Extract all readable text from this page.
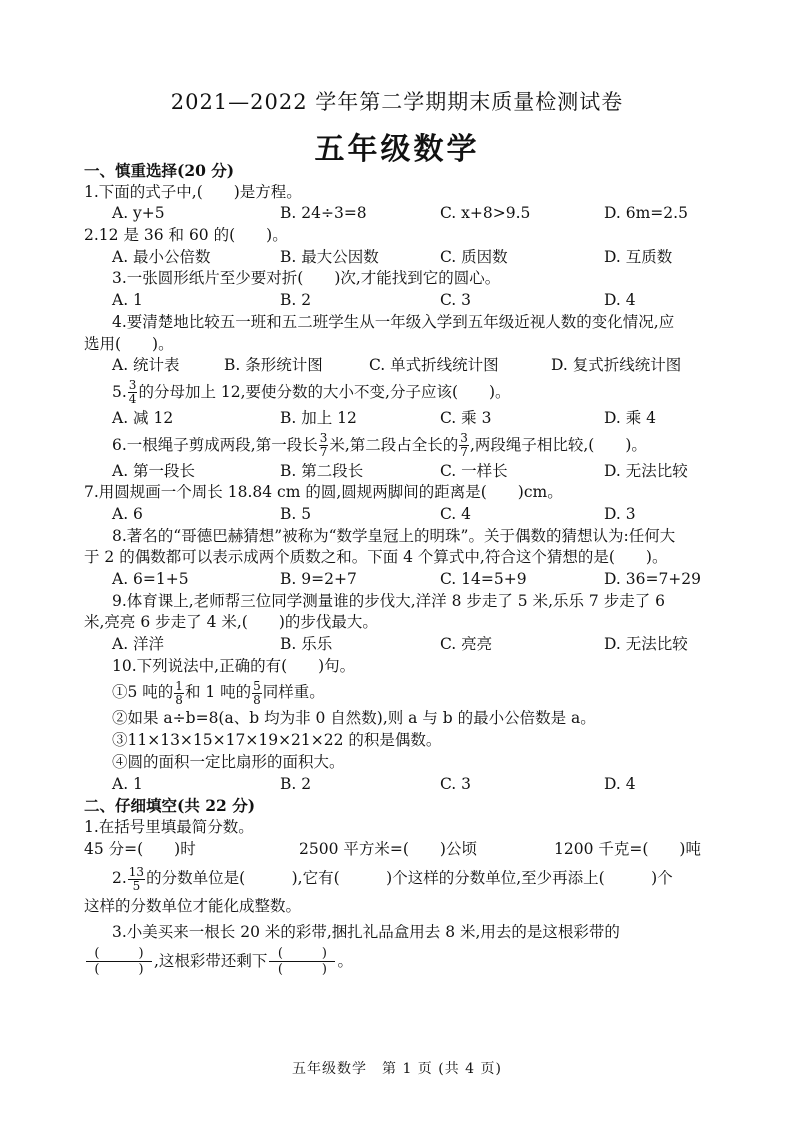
2021—2022 学年第二学期期末质量检测试卷
五年级数学
一、慎重选择(20 分)
1.下面的式子中,(　　)是方程。
A. y+5	B. 24÷3=8	C. x+8>9.5	D. 6m=2.5
2.12 是 36 和 60 的(　　)。
A. 最小公倍数	B. 最大公因数	C. 质因数	D. 互质数
3.一张圆形纸片至少要对折(　　)次,才能找到它的圆心。
A. 1	B. 2	C. 3	D. 4
4.要清楚地比较五一班和五二班学生从一年级入学到五年级近视人数的变化情况,应
选用(　　)。
A. 统计表	B. 条形统计图	C. 单式折线统计图	D. 复式折线统计图
5. $\frac{3}{4}$ 的分母加上 12,要使分数的大小不变,分子应该(　　)。
A. 减 12	B. 加上 12	C. 乘 3	D. 乘 4
6.一根绳子剪成两段,第一段长 $\frac{3}{7}$ 米,第二段占全长的 $\frac{3}{7}$ ,两段绳子相比较,(　　)。
A. 第一段长	B. 第二段长	C. 一样长	D. 无法比较
7.用圆规画一个周长 18.84 cm 的圆,圆规两脚间的距离是(　　)cm。
A. 6	B. 5	C. 4	D. 3
8.著名的“哥德巴赫猜想”被称为“数学皇冠上的明珠”。关于偶数的猜想认为:任何大
于 2 的偶数都可以表示成两个质数之和。下面 4 个算式中,符合这个猜想的是(　　)。
A. 6=1+5	B. 9=2+7	C. 14=5+9	D. 36=7+29
9.体育课上,老师帮三位同学测量谁的步伐大,洋洋 8 步走了 5 米,乐乐 7 步走了 6
米,亮亮 6 步走了 4 米,(　　)的步伐最大。
A. 洋洋	B. 乐乐	C. 亮亮	D. 无法比较
10.下列说法中,正确的有(　　)句。
①5 吨的 $\frac{1}{8}$ 和 1 吨的 $\frac{5}{8}$ 同样重。
②如果 a÷b=8(a、b 均为非 0 自然数),则 a 与 b 的最小公倍数是 a。
③11×13×15×17×19×21×22 的积是偶数。
④圆的面积一定比扇形的面积大。
A. 1	B. 2	C. 3	D. 4
二、仔细填空(共 22 分)
1.在括号里填最简分数。
45 分=(　　)时	2500 平方米=(　　)公顷	1200 千克=(　　)吨
2. $\frac{13}{5}$ 的分数单位是(　　　),它有(　　　)个这样的分数单位,至少再添上(　　　)个
这样的分数单位才能化成整数。
3.小美买来一根长 20 米的彩带,捆扎礼品盒用去 8 米,用去的是这根彩带的
(　　　)
(　　　) ,这根彩带还剩下 (　　　)
(　　　) 。
五年级数学　第 1 页 (共 4 页)
